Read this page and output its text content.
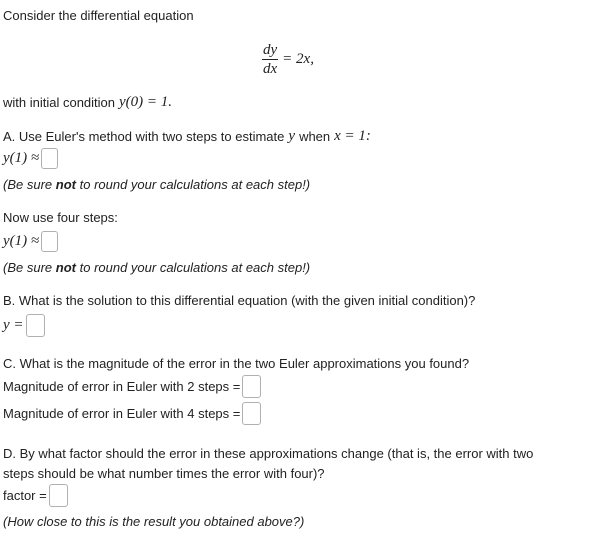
Consider the differential equation
$\frac{dy}{dx} = 2x$,
with initial condition y(0) = 1.
A. Use Euler's method with two steps to estimate y when x = 1:
y(1) ≈
(Be sure not to round your calculations at each step!)
Now use four steps:
y(1) ≈
(Be sure not to round your calculations at each step!)
B. What is the solution to this differential equation (with the given initial condition)?
y =
C. What is the magnitude of the error in the two Euler approximations you found?
Magnitude of error in Euler with 2 steps =
Magnitude of error in Euler with 4 steps =
D. By what factor should the error in these approximations change (that is, the error with two
steps should be what number times the error with four)?
factor =
(How close to this is the result you obtained above?)
